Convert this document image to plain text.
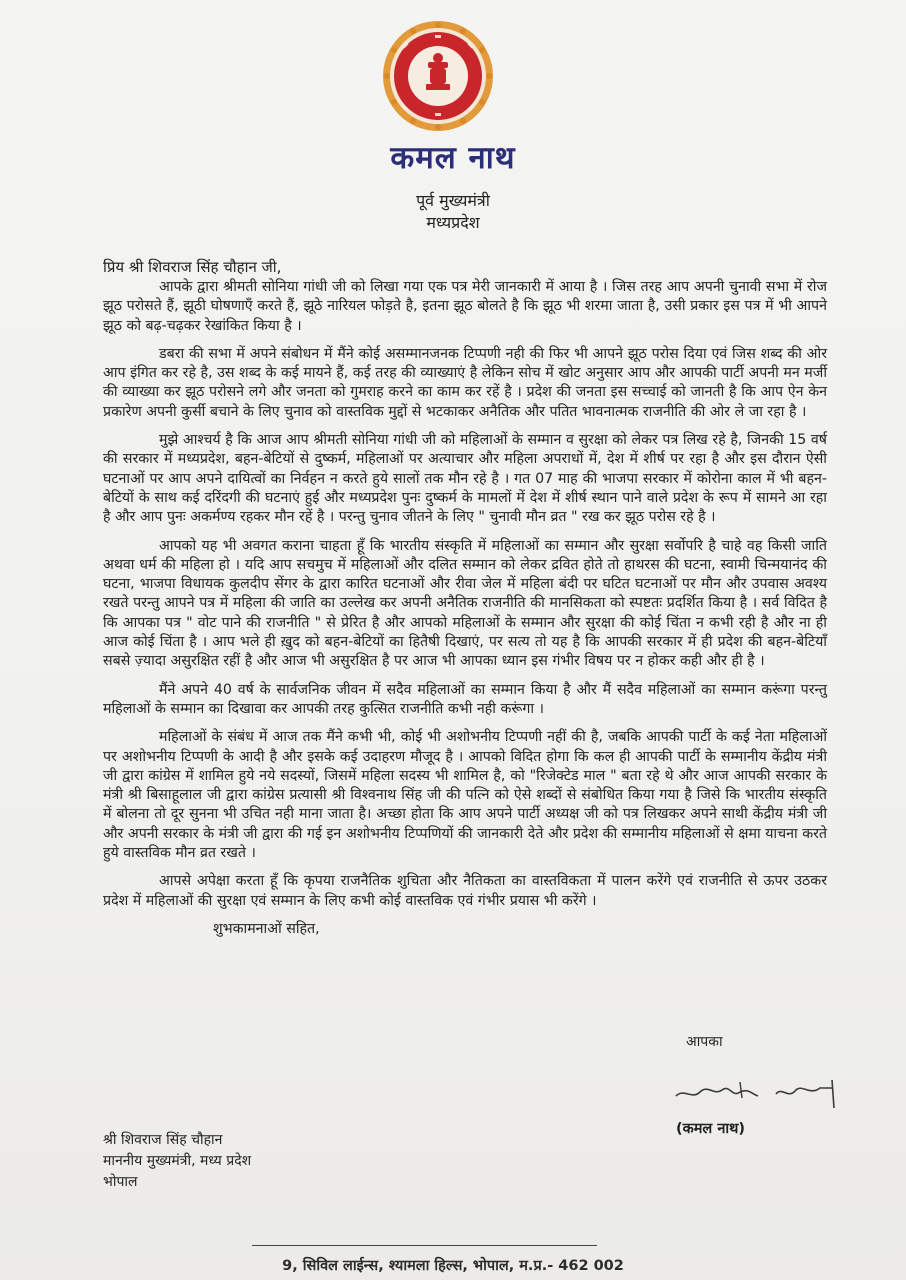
कमल नाथ
पूर्व मुख्यमंत्री
मध्यप्रदेश
प्रिय श्री शिवराज सिंह चौहान जी,

आपके द्वारा श्रीमती सोनिया गांधी जी को लिखा गया एक पत्र मेरी जानकारी में आया है । जिस तरह आप अपनी चुनावी सभा में रोज झूठ परोसते हैं, झूठी घोषणाएँ करते हैं, झूठे नारियल फोड़ते है, इतना झूठ बोलते है कि झूठ भी शरमा जाता है, उसी प्रकार इस पत्र में भी आपने झूठ को बढ़-चढ़कर रेखांकित किया है ।

डबरा की सभा में अपने संबोधन में मैंने कोई असम्मानजनक टिप्पणी नही की फिर भी आपने झूठ परोस दिया एवं जिस शब्द की ओर आप इंगित कर रहे है, उस शब्द के कई मायने हैं, कई तरह की व्याख्याएं है लेकिन सोच में खोट अनुसार आप और आपकी पार्टी अपनी मन मर्जी की व्याख्या कर झूठ परोसने लगे और जनता को गुमराह करने का काम कर रहें है । प्रदेश की जनता इस सच्चाई को जानती है कि आप ऐन केन प्रकारेण अपनी कुर्सी बचाने के लिए चुनाव को वास्तविक मुद्दों से भटकाकर अनैतिक और पतित भावनात्मक राजनीति की ओर ले जा रहा है ।

मुझे आश्चर्य है कि आज आप श्रीमती सोनिया गांधी जी को महिलाओं के सम्मान व सुरक्षा को लेकर पत्र लिख रहे है, जिनकी 15 वर्ष की सरकार में मध्यप्रदेश, बहन-बेटियों से दुष्कर्म, महिलाओं पर अत्याचार और महिला अपराधों में, देश में शीर्ष पर रहा है और इस दौरान ऐसी घटनाओं पर आप अपने दायित्वों का निर्वहन न करते हुये सालों तक मौन रहे है । गत 07 माह की भाजपा सरकार में कोरोना काल में भी बहन-बेटियों के साथ कई दरिंदगी की घटनाएं हुई और मध्यप्रदेश पुनः दुष्कर्म के मामलों में देश में शीर्ष स्थान पाने वाले प्रदेश के रूप में सामने आ रहा है और आप पुनः अकर्मण्य रहकर मौन रहें है । परन्तु चुनाव जीतने के लिए " चुनावी मौन व्रत " रख कर झूठ परोस रहे है ।

आपको यह भी अवगत कराना चाहता हूँ कि भारतीय संस्कृति में महिलाओं का सम्मान और सुरक्षा सर्वोपरि है चाहे वह किसी जाति अथवा धर्म की महिला हो । यदि आप सचमुच में महिलाओं और दलित सम्मान को लेकर द्रवित होते तो हाथरस की घटना, स्वामी चिन्मयानंद की घटना, भाजपा विधायक कुलदीप सेंगर के द्वारा कारित घटनाओं और रीवा जेल में महिला बंदी पर घटित घटनाओं पर मौन और उपवास अवश्य रखते परन्तु आपने पत्र में महिला की जाति का उल्लेख कर अपनी अनैतिक राजनीति की मानसिकता को स्पष्टतः प्रदर्शित किया है । सर्व विदित है कि आपका पत्र " वोट पाने की राजनीति " से प्रेरित है और आपको महिलाओं के सम्मान और सुरक्षा की कोई चिंता न कभी रही है और ना ही आज कोई चिंता है । आप भले ही ख़ुद को बहन-बेटियों का हितैषी दिखाएं, पर सत्य तो यह है कि आपकी सरकार में ही प्रदेश की बहन-बेटियाँ सबसे ज़्यादा असुरक्षित रहीं है और आज भी असुरक्षित है पर आज भी आपका ध्यान इस गंभीर विषय पर न होकर कही और ही है ।

मैंने अपने 40 वर्ष के सार्वजनिक जीवन में सदैव महिलाओं का सम्मान किया है और मैं सदैव महिलाओं का सम्मान करूंगा परन्तु महिलाओं के सम्मान का दिखावा कर आपकी तरह कुत्सित राजनीति कभी नही करूंगा ।

महिलाओं के संबंध में आज तक मैंने कभी भी, कोई भी अशोभनीय टिप्पणी नहीं की है, जबकि आपकी पार्टी के कई नेता महिलाओं पर अशोभनीय टिप्पणी के आदी है और इसके कई उदाहरण मौजूद है । आपको विदित होगा कि कल ही आपकी पार्टी के सम्मानीय केंद्रीय मंत्री जी द्वारा कांग्रेस में शामिल हुये नये सदस्यों, जिसमें महिला सदस्य भी शामिल है, को "रिजेक्टेड माल " बता रहे थे और आज आपकी सरकार के मंत्री श्री बिसाहूलाल जी द्वारा कांग्रेस प्रत्यासी श्री विश्वनाथ सिंह जी की पत्नि को ऐसे शब्दों से संबोधित किया गया है जिसे कि भारतीय संस्कृति में बोलना तो दूर सुनना भी उचित नही माना जाता है। अच्छा होता कि आप अपने पार्टी अध्यक्ष जी को पत्र लिखकर अपने साथी केंद्रीय मंत्री जी और अपनी सरकार के मंत्री जी द्वारा की गई इन अशोभनीय टिप्पणियों की जानकारी देते और प्रदेश की सम्मानीय महिलाओं से क्षमा याचना करते हुये वास्तविक मौन व्रत रखते ।

आपसे अपेक्षा करता हूँ कि कृपया राजनैतिक शुचिता और नैतिकता का वास्तविकता में पालन करेंगे एवं राजनीति से ऊपर उठकर प्रदेश में महिलाओं की सुरक्षा एवं सम्मान के लिए कभी कोई वास्तविक एवं गंभीर प्रयास भी करेंगे ।

शुभकामनाओं सहित,

आपका
(कमल नाथ)
श्री शिवराज सिंह चौहान
माननीय मुख्यमंत्री, मध्य प्रदेश
भोपाल
9, सिविल लाईन्स, श्यामला हिल्स, भोपाल, म.प्र.- 462 002
